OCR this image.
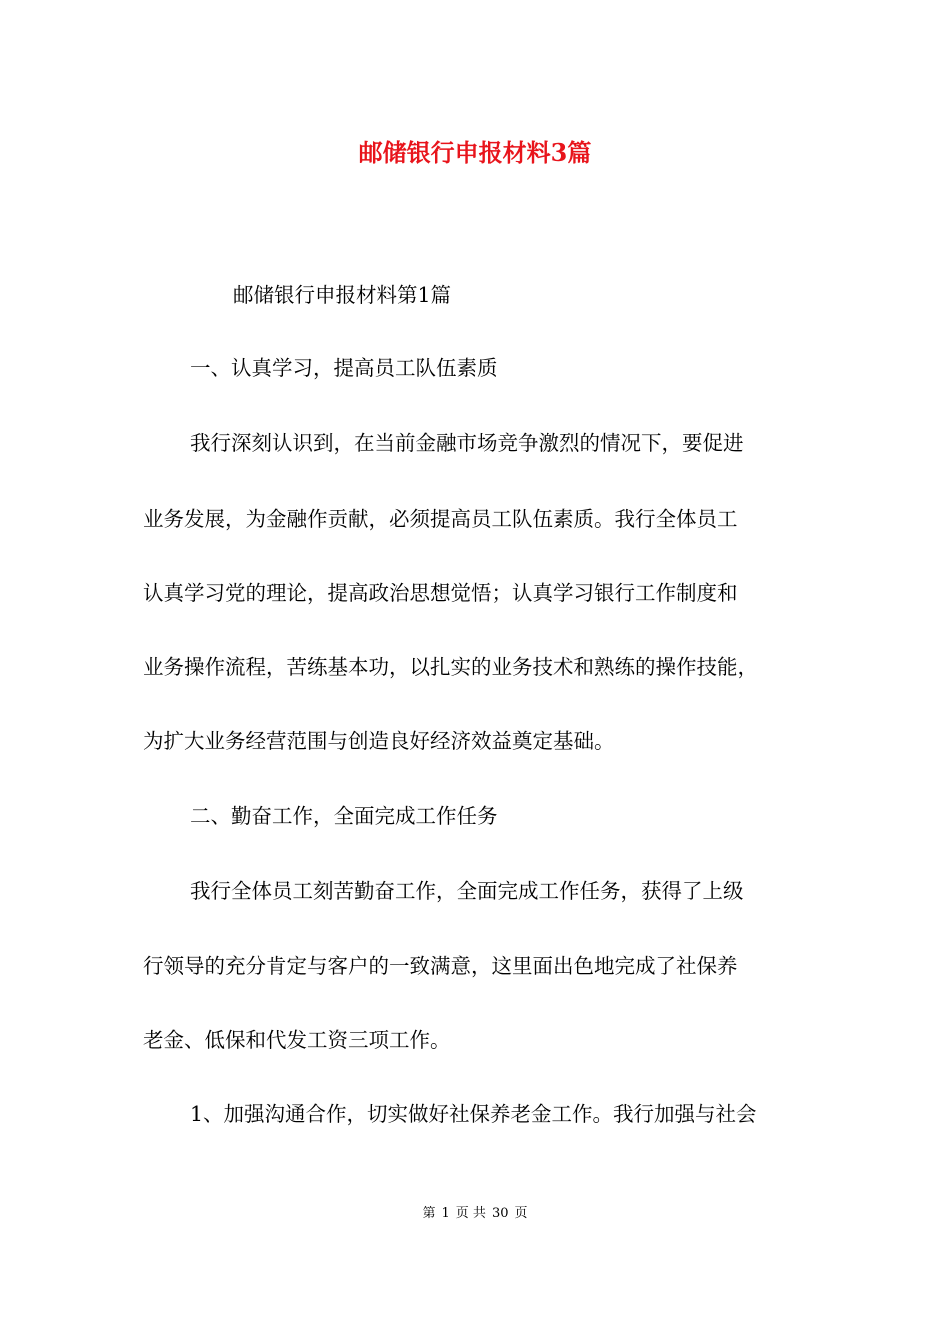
邮储银行申报材料3篇
邮储银行申报材料第1篇
一、认真学习，提高员工队伍素质
我行深刻认识到，在当前金融市场竞争激烈的情况下，要促进
业务发展，为金融作贡献，必须提高员工队伍素质。我行全体员工
认真学习党的理论，提高政治思想觉悟；认真学习银行工作制度和
业务操作流程，苦练基本功，以扎实的业务技术和熟练的操作技能，
为扩大业务经营范围与创造良好经济效益奠定基础。
二、勤奋工作，全面完成工作任务
我行全体员工刻苦勤奋工作，全面完成工作任务，获得了上级
行领导的充分肯定与客户的一致满意，这里面出色地完成了社保养
老金、低保和代发工资三项工作。
1、加强沟通合作，切实做好社保养老金工作。我行加强与社会
第 1 页 共 30 页
